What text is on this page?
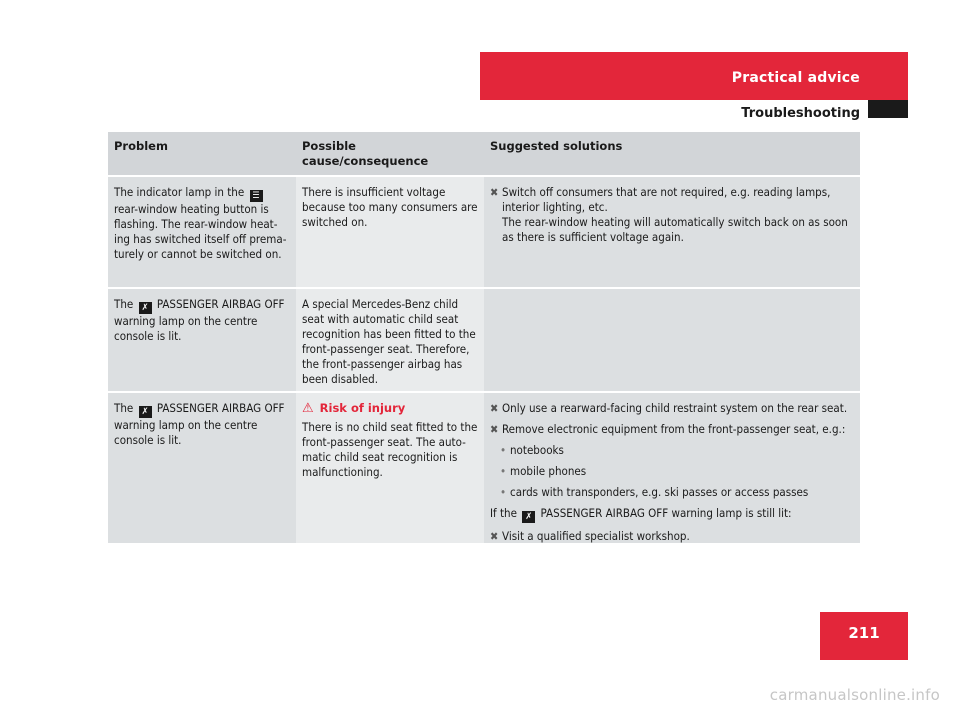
Practical advice
Troubleshooting
Problem	Possible cause/consequence
Suggested solutions
The indicator lamp in the ☰
rear-window heating button is flashing. The rear-window heat-ing has switched itself off prema-turely or cannot be switched on.
There is insufficient voltage because too many consumers are switched on.
✖ Switch off consumers that are not required, e.g. reading lamps, interior lighting, etc.
The rear-window heating will automatically switch back on as soon as there is sufficient voltage again.
The ✗ PASSENGER AIRBAG OFF warning lamp on the centre console is lit.
A special Mercedes-Benz child seat with automatic child seat recognition has been fitted to the front-passenger seat. Therefore, the front-passenger airbag has been disabled.
The ✗ PASSENGER AIRBAG OFF warning lamp on the centre console is lit.
⚠ Risk of injury
There is no child seat fitted to the front-passenger seat. The auto-matic child seat recognition is malfunctioning.
✖ Only use a rearward-facing child restraint system on the rear seat.
✖ Remove electronic equipment from the front-passenger seat, e.g.:
• notebooks
• mobile phones
• cards with transponders, e.g. ski passes or access passes
If the ✗ PASSENGER AIRBAG OFF warning lamp is still lit:
✖ Visit a qualified specialist workshop.
211
carmanualsonline.info
